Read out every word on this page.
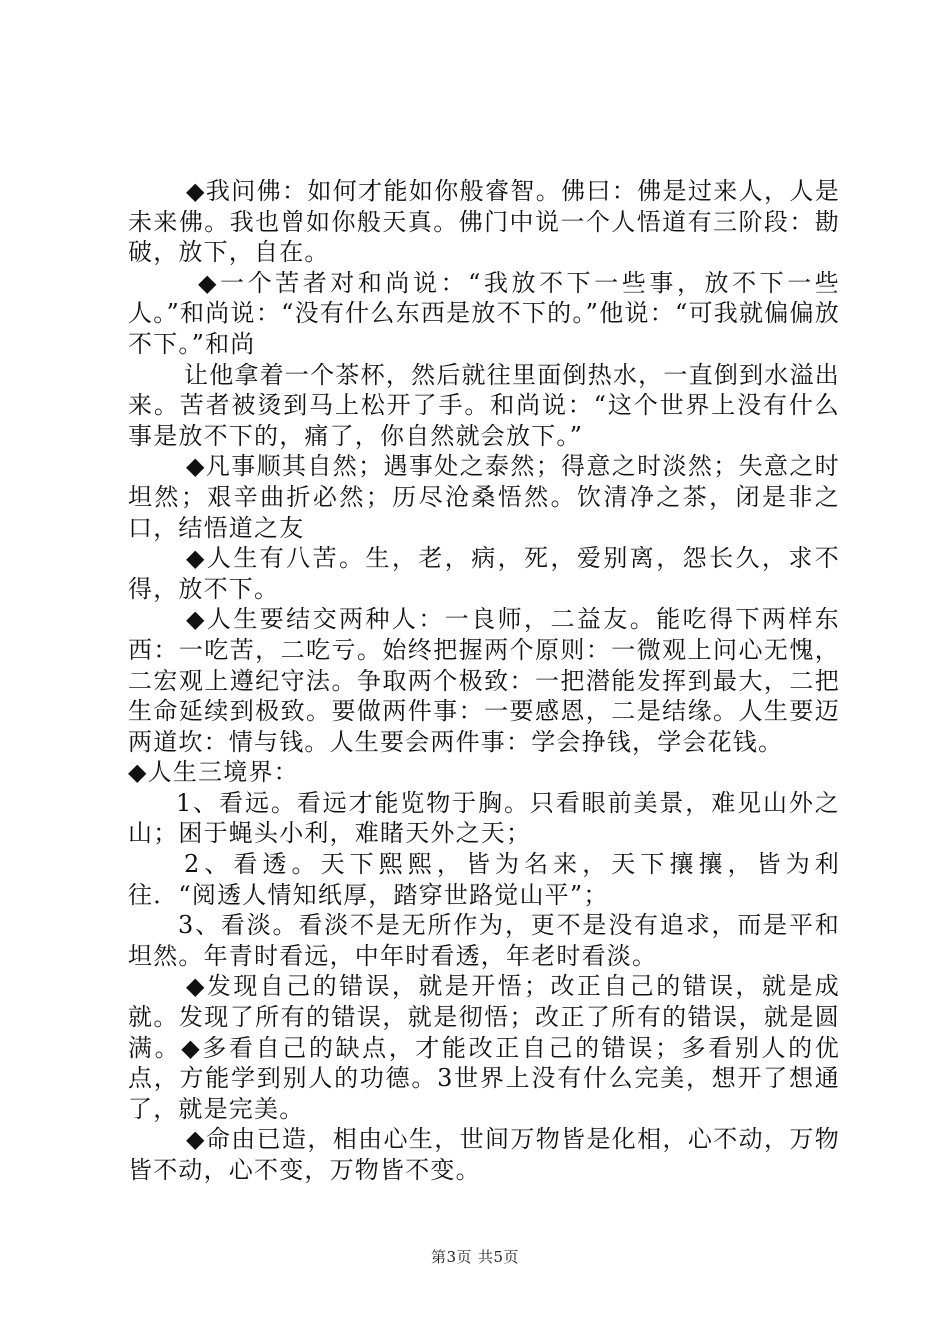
◆我问佛：如何才能如你般睿智。佛曰：佛是过来人，人是未来佛。我也曾如你般天真。佛门中说一个人悟道有三阶段：勘破，放下，自在。

◆一个苦者对和尚说：“我放不下一些事，放不下一些人。”和尚说：“没有什么东西是放不下的。”他说：“可我就偏偏放不下。”和尚

让他拿着一个茶杯，然后就往里面倒热水，一直倒到水溢出来。苦者被烫到马上松开了手。和尚说：“这个世界上没有什么事是放不下的，痛了，你自然就会放下。”

◆凡事顺其自然；遇事处之泰然；得意之时淡然；失意之时坦然；艰辛曲折必然；历尽沧桑悟然。饮清净之茶，闭是非之口，结悟道之友

◆人生有八苦。生，老，病，死，爱别离，怨长久，求不得，放不下。

◆人生要结交两种人：一良师，二益友。能吃得下两样东西：一吃苦，二吃亏。始终把握两个原则：一微观上问心无愧，二宏观上遵纪守法。争取两个极致：一把潜能发挥到最大，二把生命延续到极致。要做两件事：一要感恩，二是结缘。人生要迈两道坎：情与钱。人生要会两件事：学会挣钱，学会花钱。

◆人生三境界：

1、看远。看远才能览物于胸。只看眼前美景，难见山外之山；困于蝇头小利，难睹天外之天；

2、看透。天下熙熙，皆为名来，天下攘攘，皆为利往．“阅透人情知纸厚，踏穿世路觉山平”；

3、看淡。看淡不是无所作为，更不是没有追求，而是平和坦然。年青时看远，中年时看透，年老时看淡。

◆发现自己的错误，就是开悟；改正自己的错误，就是成就。发现了所有的错误，就是彻悟；改正了所有的错误，就是圆满。◆多看自己的缺点，才能改正自己的错误；多看别人的优点，方能学到别人的功德。3世界上没有什么完美，想开了想通了，就是完美。

◆命由已造，相由心生，世间万物皆是化相，心不动，万物皆不动，心不变，万物皆不变。

第3页 共5页
